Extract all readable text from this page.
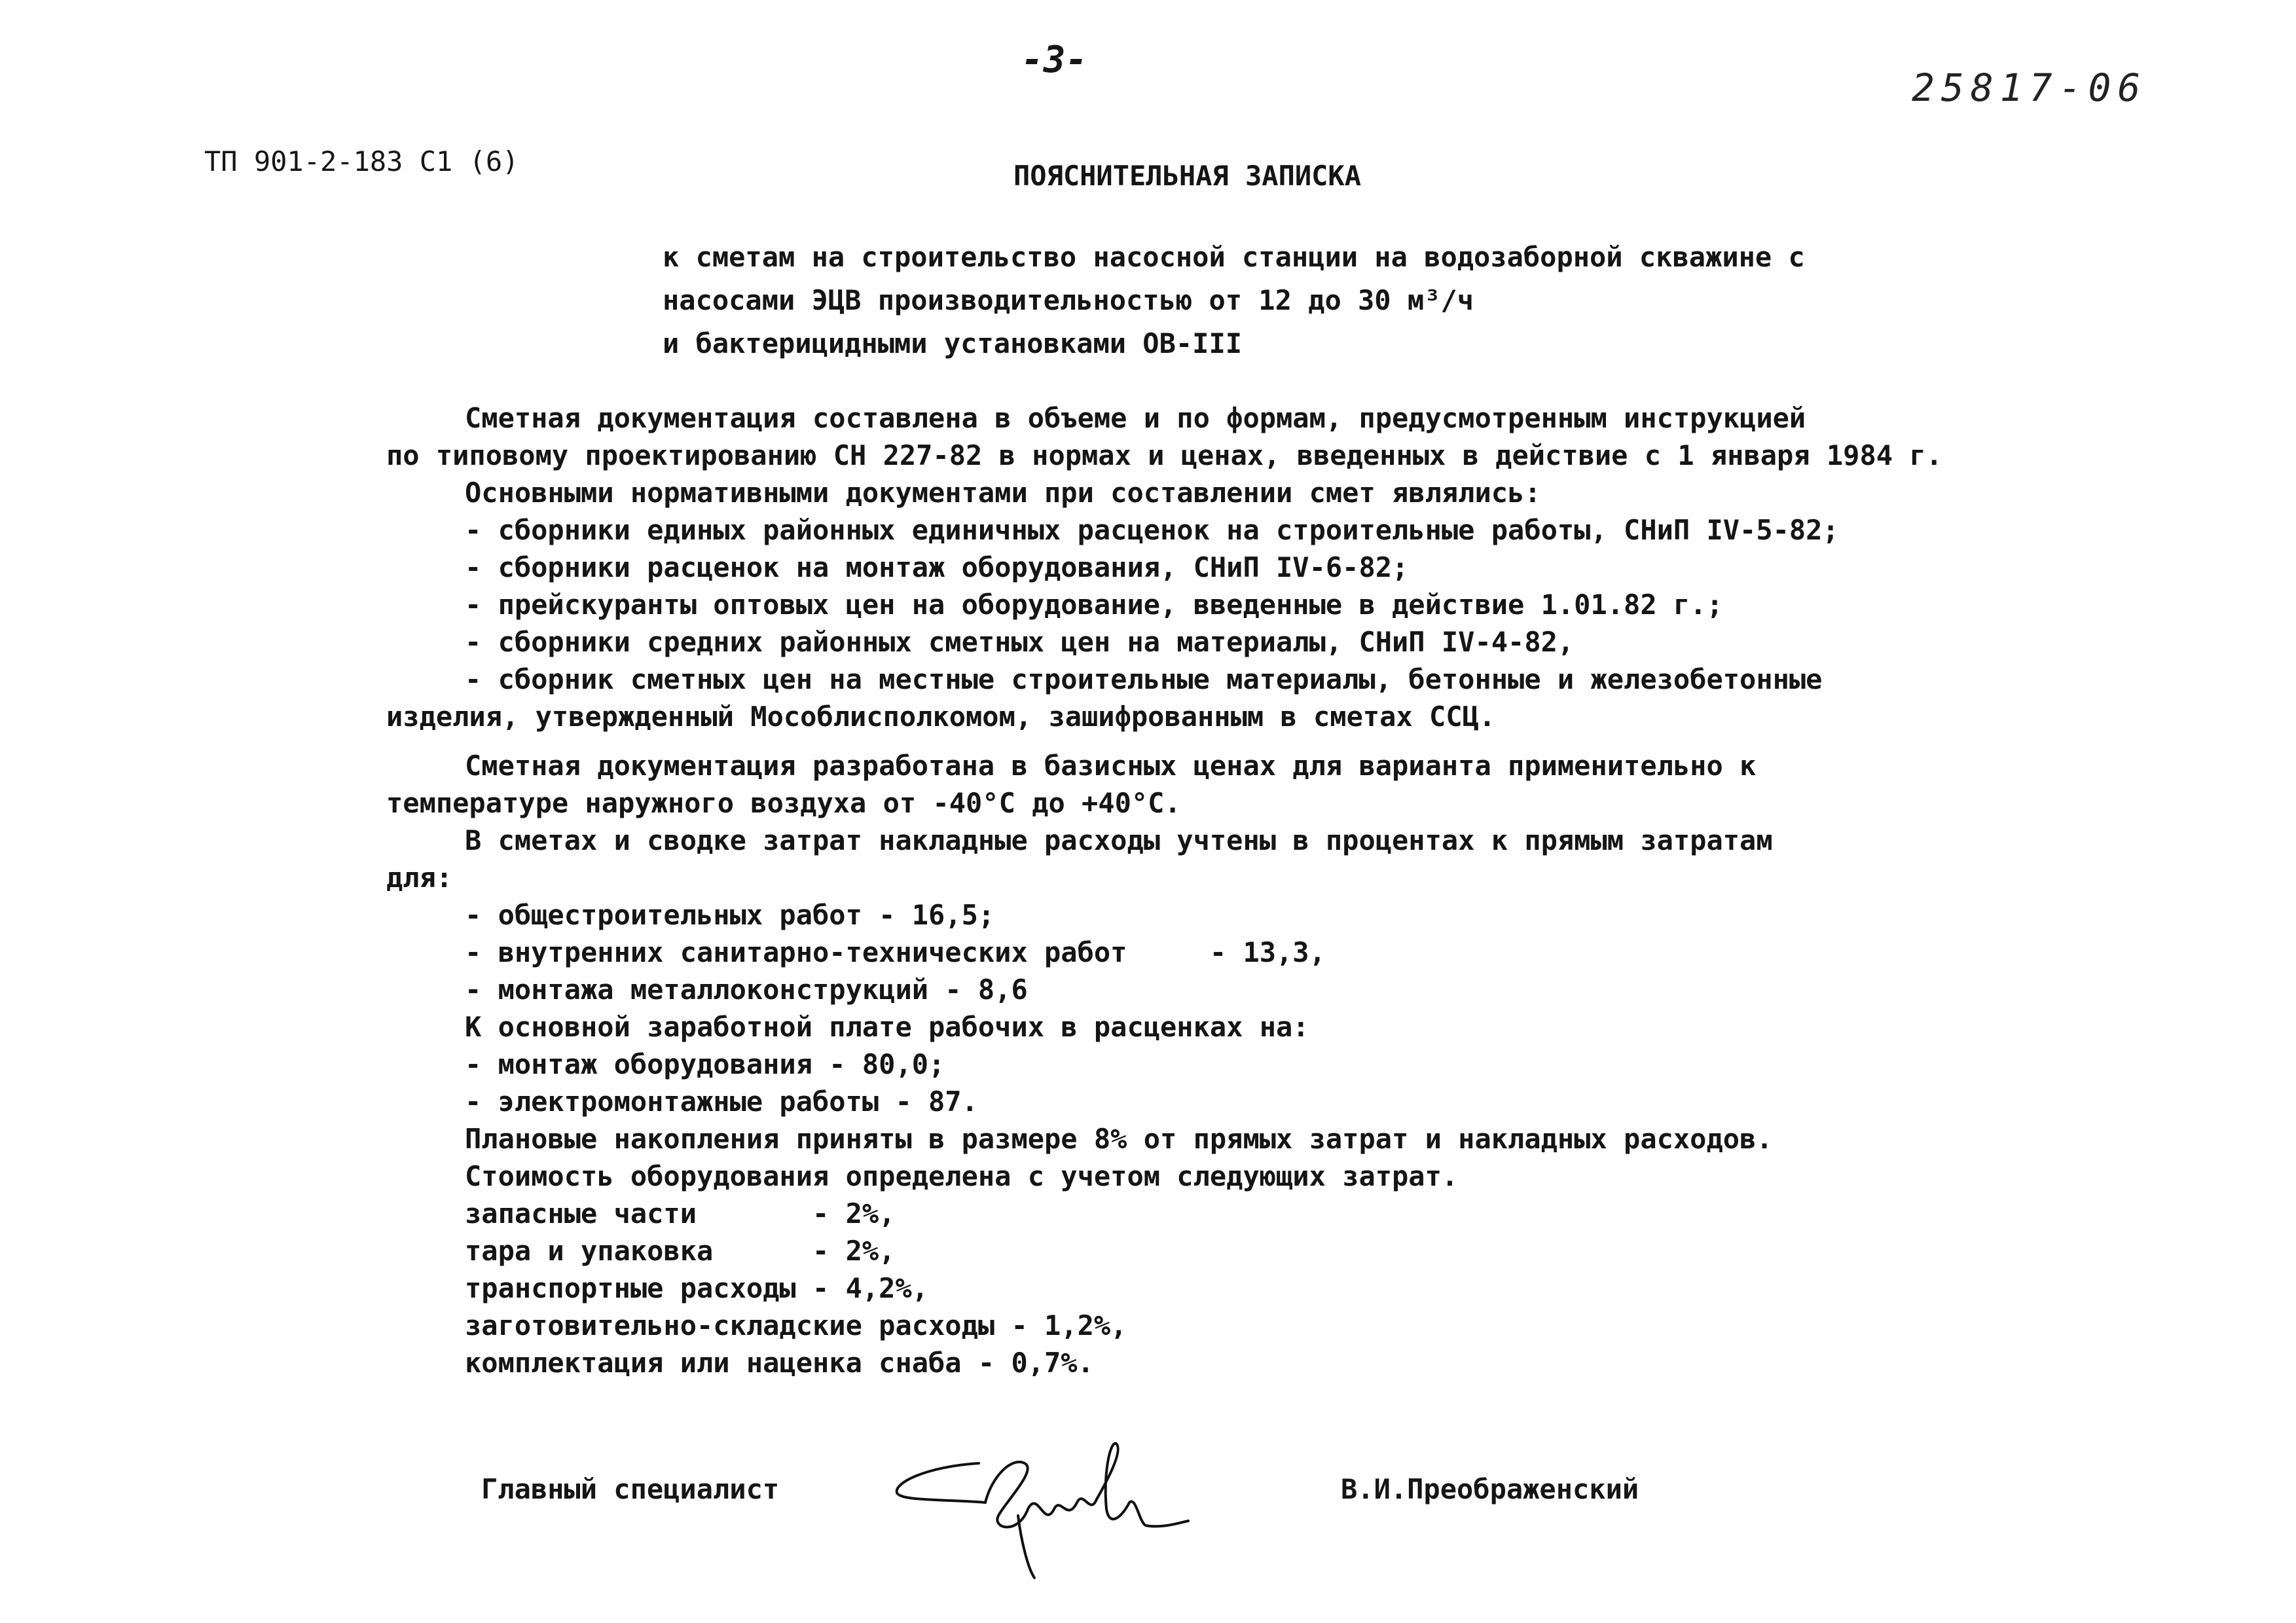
-3-
25817-06
ТП 901-2-183 С1 (6)	ПОЯСНИТЕЛЬНАЯ ЗАПИСКА
к сметам на строительство насосной станции на водозаборной скважине с
насосами ЭЦВ производительностью от 12 до 30 м³/ч
и бактерицидными установками ОВ-III

Сметная документация составлена в объеме и по формам, предусмотренным инструкцией

по типовому проектированию СН 227-82 в нормах и ценах, введенных в действие с 1 января 1984 г.

Основными нормативными документами при составлении смет являлись:

- сборники единых районных единичных расценок на строительные работы, СНиП IV-5-82;

- сборники расценок на монтаж оборудования, СНиП IV-6-82;

- прейскуранты оптовых цен на оборудование, введенные в действие 1.01.82 г.;

- сборники средних районных сметных цен на материалы, СНиП IV-4-82,

- сборник сметных цен на местные строительные материалы, бетонные и железобетонные

изделия, утвержденный Мособлисполкомом, зашифрованным в сметах ССЦ.

Сметная документация разработана в базисных ценах для варианта применительно к

температуре наружного воздуха от -40°С до +40°С.

В сметах и сводке затрат накладные расходы учтены в процентах к прямым затратам

для:

- общестроительных работ - 16,5;

- внутренних санитарно-технических работ     - 13,3,

- монтажа металлоконструкций - 8,6

К основной заработной плате рабочих в расценках на:

- монтаж оборудования - 80,0;

- электромонтажные работы - 87.

Плановые накопления приняты в размере 8% от прямых затрат и накладных расходов.

Стоимость оборудования определена с учетом следующих затрат.

запасные части       - 2%,

тара и упаковка      - 2%,

транспортные расходы - 4,2%,

заготовительно-складские расходы - 1,2%,

комплектация или наценка снаба - 0,7%.

Главный специалист	В.И.Преображенский
